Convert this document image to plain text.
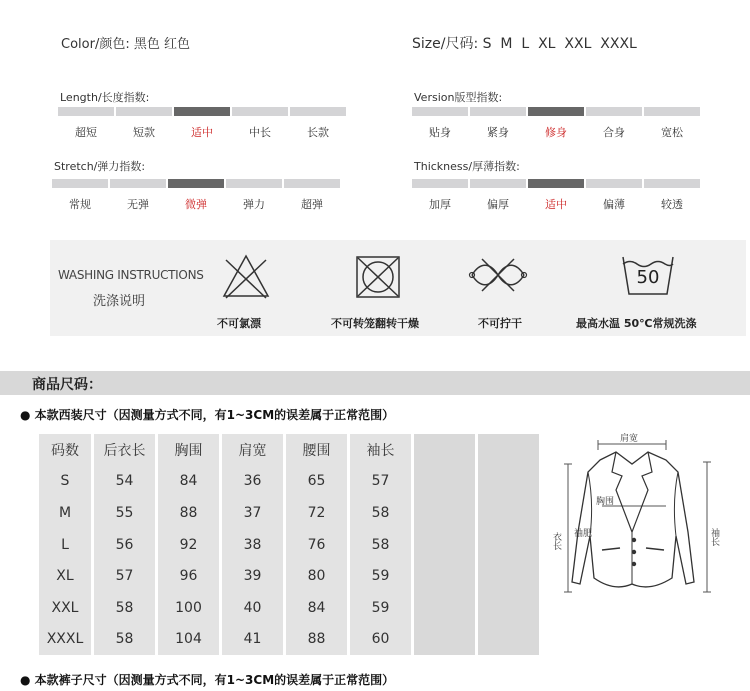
Color/颜色: 黑色 红色	Size/尺码: S  M  L  XL  XXL  XXXL
Length/长度指数:
超短	短款	适中	中长	长款
Version版型指数:
贴身	紧身	修身	合身	宽松
Stretch/弹力指数:
常规	无弹	微弹	弹力	超弹
Thickness/厚薄指数:
加厚	偏厚	适中	偏薄	较透
WASHING INSTRUCTIONS
洗涤说明
不可氯漂	不可转笼翻转干燥	不可拧干
50
最高水温 50℃常规洗涤
商品尺码：
● 本款西装尺寸（因测量方式不同，有1~3CM的误差属于正常范围）
码数	后衣长	胸围	肩宽	腰围	袖长		
S	54	84	36	65	57		
M	55	88	37	72	58		
L	56	92	38	76	58		
XL	57	96	39	80	59		
XXL	58	100	40	84	59		
XXXL	58	104	41	88	60		
肩宽
胸围
衣长 袖肥	袖长
● 本款裤子尺寸（因测量方式不同，有1~3CM的误差属于正常范围）
